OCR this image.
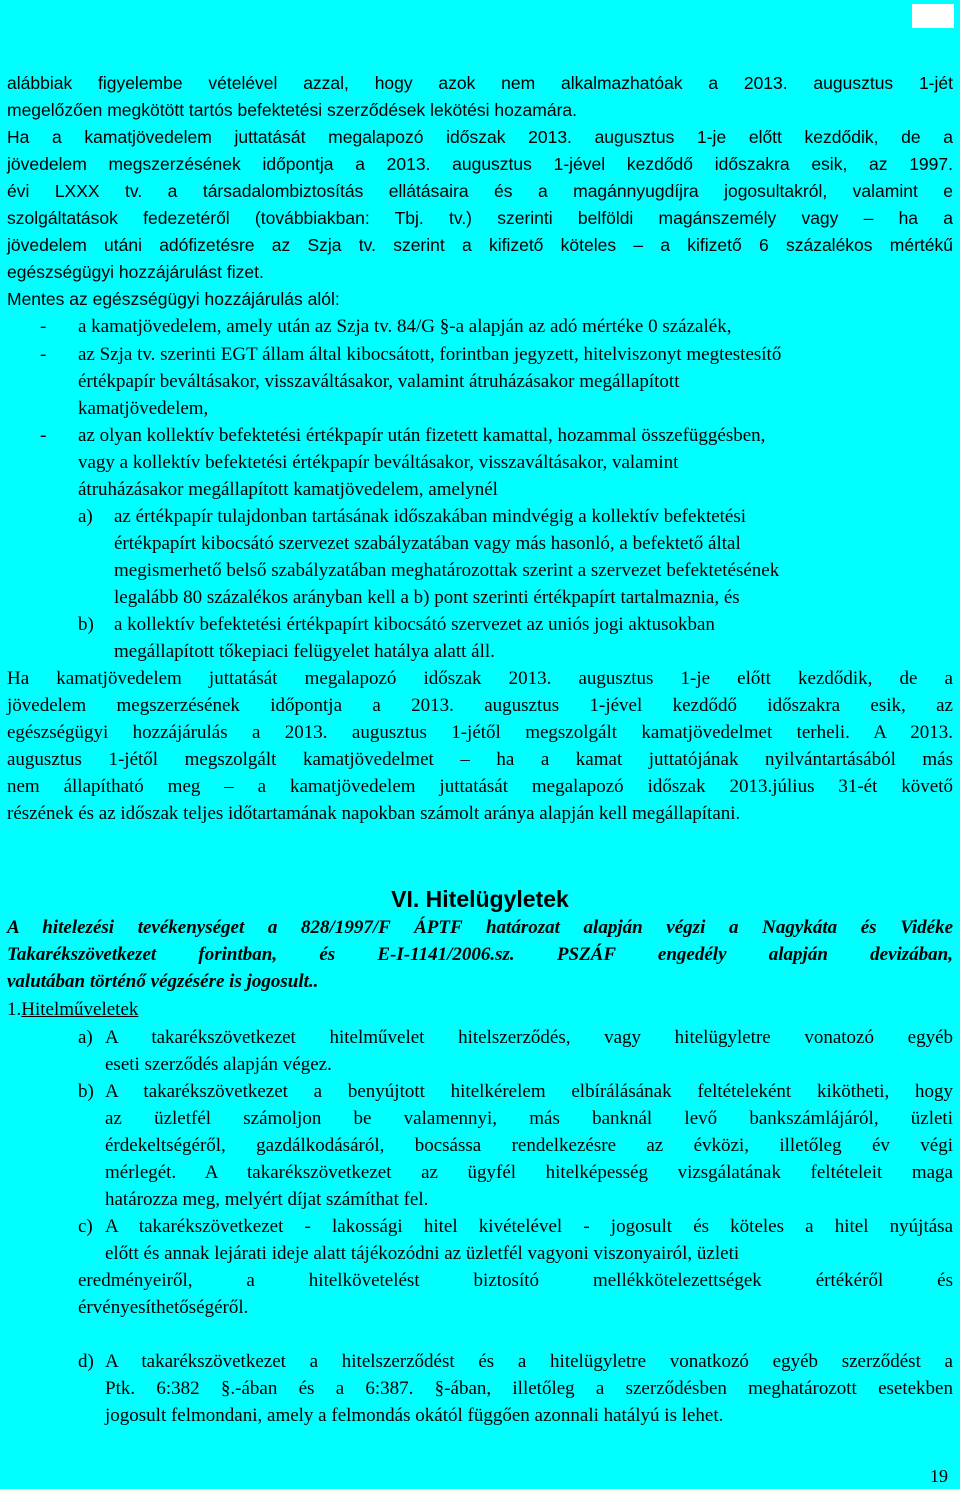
alábbiak figyelembe vételével azzal, hogy azok nem alkalmazhatóak a 2013. augusztus 1-jét
megelőzően megkötött tartós befektetési szerződések lekötési hozamára.
Ha a kamatjövedelem juttatását megalapozó időszak 2013. augusztus 1-je előtt kezdődik, de a
jövedelem megszerzésének időpontja a 2013. augusztus 1-jével kezdődő időszakra esik, az 1997.
évi LXXX tv. a társadalombiztosítás ellátásaira és a magánnyugdíjra jogosultakról, valamint e
szolgáltatások fedezetéről (továbbiakban: Tbj. tv.) szerinti belföldi magánszemély vagy – ha a
jövedelem utáni adófizetésre az Szja tv. szerint a kifizető köteles – a kifizető 6 százalékos mértékű
egészségügyi hozzájárulást fizet.
Mentes az egészségügyi hozzájárulás alól:
- a kamatjövedelem, amely után az Szja tv. 84/G §-a alapján az adó mértéke 0 százalék,
- az Szja tv. szerinti EGT állam által kibocsátott, forintban jegyzett, hitelviszonyt megtestesítő
értékpapír beváltásakor, visszaváltásakor, valamint átruházásakor megállapított
kamatjövedelem,
- az olyan kollektív befektetési értékpapír után fizetett kamattal, hozammal összefüggésben,
vagy a kollektív befektetési értékpapír beváltásakor, visszaváltásakor, valamint
átruházásakor megállapított kamatjövedelem, amelynél
a) az értékpapír tulajdonban tartásának időszakában mindvégig a kollektív befektetési
értékpapírt kibocsátó szervezet szabályzatában vagy más hasonló, a befektető által
megismerhető belső szabályzatában meghatározottak szerint a szervezet befektetésének
legalább 80 százalékos arányban kell a b) pont szerinti értékpapírt tartalmaznia, és
b) a kollektív befektetési értékpapírt kibocsátó szervezet az uniós jogi aktusokban
megállapított tőkepiaci felügyelet hatálya alatt áll.
Ha kamatjövedelem juttatását megalapozó időszak 2013. augusztus 1-je előtt kezdődik, de a
jövedelem megszerzésének időpontja a 2013. augusztus 1-jével kezdődő időszakra esik, az
egészségügyi hozzájárulás a 2013. augusztus 1-jétől megszolgált kamatjövedelmet terheli. A 2013.
augusztus 1-jétől megszolgált kamatjövedelmet – ha a kamat juttatójának nyilvántartásából más
nem állapítható meg – a kamatjövedelem juttatását megalapozó időszak 2013.július 31-ét követő
részének és az időszak teljes időtartamának napokban számolt aránya alapján kell megállapítani.
VI. Hitelügyletek
A hitelezési tevékenységet a 828/1997/F ÁPTF határozat alapján végzi a Nagykáta és Vidéke
Takarékszövetkezet forintban, és E-I-1141/2006.sz. PSZÁF engedély alapján devizában,
valutában történő végzésére is jogosult..
1.Hitelműveletek
a) A takarékszövetkezet hitelművelet hitelszerződés, vagy hitelügyletre vonatozó egyéb
eseti szerződés alapján végez.
b) A takarékszövetkezet a benyújtott hitelkérelem elbírálásának feltételeként kikötheti, hogy
az üzletfél számoljon be valamennyi, más banknál levő bankszámlájáról, üzleti
érdekeltségéről, gazdálkodásáról, bocsássa rendelkezésre az évközi, illetőleg év végi
mérlegét. A takarékszövetkezet az ügyfél hitelképesség vizsgálatának feltételeit maga
határozza meg, melyért díjat számíthat fel.
c) A takarékszövetkezet - lakossági hitel kivételével - jogosult és köteles a hitel nyújtása
előtt és annak lejárati ideje alatt tájékozódni az üzletfél vagyoni viszonyairól, üzleti
eredményeiről, a hitelkövetelést biztosító mellékkötelezettségek értékéről és
érvényesíthetőségéről.
d) A takarékszövetkezet a hitelszerződést és a hitelügyletre vonatkozó egyéb szerződést a
Ptk. 6:382 §.-ában és a 6:387. §-ában, illetőleg a szerződésben meghatározott esetekben
jogosult felmondani, amely a felmondás okától függően azonnali hatályú is lehet.
19
